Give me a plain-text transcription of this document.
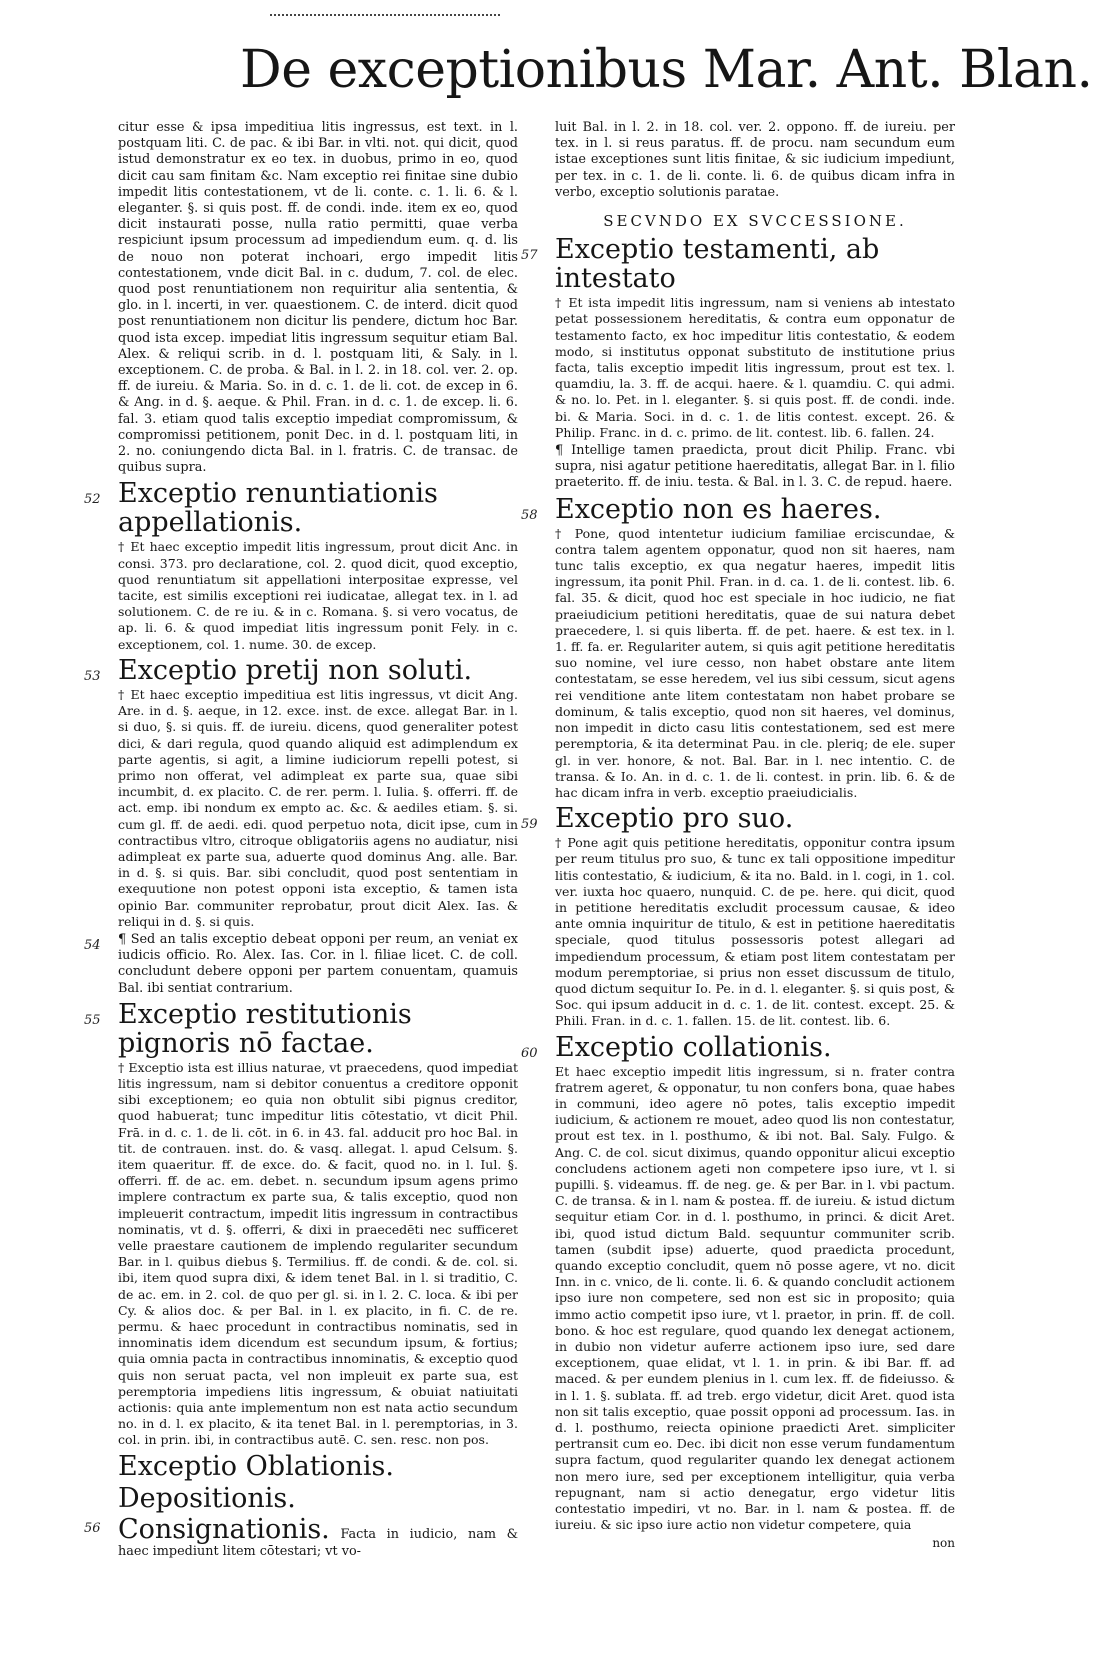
De exceptionibus Mar. Ant. Blan.

citur esse & ipsa impeditiua litis ingressus, est text. in l. postquam liti. C. de pac. & ibi Bar. in vlti. not. qui dicit, quod istud demonstratur ex eo tex. in duobus, primo in eo, quod dicit cau sam finitam &c. Nam exceptio rei finitae sine dubio impedit litis contestationem, vt de li. conte. c. 1. li. 6. & l. eleganter. §. si quis post. ff. de condi. inde. item ex eo, quod dicit instaurati posse, nulla ratio permitti, quae verba respiciunt ipsum processum ad impediendum eum. q. d. lis de nouo non poterat inchoari, ergo impedit litis contestationem, vnde dicit Bal. in c. dudum, 7. col. de elec. quod post renuntiationem non requiritur alia sententia, & glo. in l. incerti, in ver. quaestionem. C. de interd. dicit quod post renuntiationem non dicitur lis pendere, dictum hoc Bar. quod ista excep. impediat litis ingressum sequitur etiam Bal. Alex. & reliqui scrib. in d. l. postquam liti, & Saly. in l. exceptionem. C. de proba. & Bal. in l. 2. in 18. col. ver. 2. op. ff. de iureiu. & Maria. So. in d. c. 1. de li. cot. de excep in 6. & Ang. in d. §. aeque. & Phil. Fran. in d. c. 1. de excep. li. 6. fal. 3. etiam quod talis exceptio impediat compromissum, & compromissi petitionem, ponit Dec. in d. l. postquam liti, in 2. no. coniungendo dicta Bal. in l. fratris. C. de transac. de quibus supra.

52 Exceptio renuntiationis appellationis.

† Et haec exceptio impedit litis ingressum, prout dicit Anc. in consi. 373. pro declaratione, col. 2. quod dicit, quod exceptio, quod renuntiatum sit appellationi interpositae expresse, vel tacite, est similis exceptioni rei iudicatae, allegat tex. in l. ad solutionem. C. de re iu. & in c. Romana. §. si vero vocatus, de ap. li. 6. & quod impediat litis ingressum ponit Fely. in c. exceptionem, col. 1. nume. 30. de excep.

53 Exceptio pretij non soluti.

† Et haec exceptio impeditiua est litis ingressus, vt dicit Ang. Are. in d. §. aeque, in 12. exce. inst. de exce. allegat Bar. in l. si duo, §. si quis. ff. de iureiu. dicens, quod generaliter potest dici, & dari regula, quod quando aliquid est adimplendum ex parte agentis, si agit, a limine iudiciorum repelli potest, si primo non offerat, vel adimpleat ex parte sua, quae sibi incumbit, d. ex placito. C. de rer. perm. l. Iulia. §. offerri. ff. de act. emp. ibi nondum ex empto ac. &c. & aediles etiam. §. si. cum gl. ff. de aedi. edi. quod perpetuo nota, dicit ipse, cum in contractibus vltro, citroque obligatoriis agens no audiatur, nisi adimpleat ex parte sua, aduerte quod dominus Ang. alle. Bar. in d. §. si quis. Bar. sibi concludit, quod post sententiam in exequutione non potest opponi ista exceptio, & tamen ista opinio Bar. communiter reprobatur, prout dicit Alex. Ias. & reliqui in d. §. si quis.

54 ¶ Sed an talis exceptio debeat opponi per reum, an veniat ex iudicis officio. Ro. Alex. Ias. Cor. in l. filiae licet. C. de coll. concludunt debere opponi per partem conuentam, quamuis Bal. ibi sentiat contrarium.

55 Exceptio restitutionis pignoris nō factae.

† Exceptio ista est illius naturae, vt praecedens, quod impediat litis ingressum, nam si debitor conuentus a creditore opponit sibi exceptionem; eo quia non obtulit sibi pignus creditor, quod habuerat; tunc impeditur litis cōtestatio, vt dicit Phil. Frā. in d. c. 1. de li. cōt. in 6. in 43. fal. adducit pro hoc Bal. in tit. de contrauen. inst. do. & vasq. allegat. l. apud Celsum. §. item quaeritur. ff. de exce. do. & facit, quod no. in l. Iul. §. offerri. ff. de ac. em. debet. n. secundum ipsum agens primo implere contractum ex parte sua, & talis exceptio, quod non impleuerit contractum, impedit litis ingressum in contractibus nominatis, vt d. §. offerri, & dixi in praecedēti nec sufficeret velle praestare cautionem de implendo regulariter secundum Bar. in l. quibus diebus §. Termilius. ff. de condi. & de. col. si. ibi, item quod supra dixi, & idem tenet Bal. in l. si traditio, C. de ac. em. in 2. col. de quo per gl. si. in l. 2. C. loca. & ibi per Cy. & alios doc. & per Bal. in l. ex placito, in fi. C. de re. permu. & haec procedunt in contractibus nominatis, sed in innominatis idem dicendum est secundum ipsum, & fortius; quia omnia pacta in contractibus innominatis, & exceptio quod quis non seruat pacta, vel non impleuit ex parte sua, est peremptoria impediens litis ingressum, & obuiat natiuitati actionis: quia ante implementum non est nata actio secundum no. in d. l. ex placito, & ita tenet Bal. in l. peremptorias, in 3. col. in prin. ibi, in contractibus autē. C. sen. resc. non pos.

Exceptio Oblationis.
Depositionis.

56 Consignationis. Facta in iudicio, nam & haec impediunt litem cōtestari; vt vo-

luit Bal. in l. 2. in 18. col. ver. 2. oppono. ff. de iureiu. per tex. in l. si reus paratus. ff. de procu. nam secundum eum istae exceptiones sunt litis finitae, & sic iudicium impediunt, per tex. in c. 1. de li. conte. li. 6. de quibus dicam infra in verbo, exceptio solutionis paratae.

SECVNDO EX SVCCESSIONE.
57 Exceptio testamenti, ab intestato

† Et ista impedit litis ingressum, nam si veniens ab intestato petat possessionem hereditatis, & contra eum opponatur de testamento facto, ex hoc impeditur litis contestatio, & eodem modo, si institutus opponat substituto de institutione prius facta, talis exceptio impedit litis ingressum, prout est tex. l. quamdiu, la. 3. ff. de acqui. haere. & l. quamdiu. C. qui admi. & no. lo. Pet. in l. eleganter. §. si quis post. ff. de condi. inde. bi. & Maria. Soci. in d. c. 1. de litis contest. except. 26. & Philip. Franc. in d. c. primo. de lit. contest. lib. 6. fallen. 24.

¶ Intellige tamen praedicta, prout dicit Philip. Franc. vbi supra, nisi agatur petitione haereditatis, allegat Bar. in l. filio praeterito. ff. de iniu. testa. & Bal. in l. 3. C. de repud. haere.

58 Exceptio non es haeres.

† Pone, quod intentetur iudicium familiae erciscundae, & contra talem agentem opponatur, quod non sit haeres, nam tunc talis exceptio, ex qua negatur haeres, impedit litis ingressum, ita ponit Phil. Fran. in d. ca. 1. de li. contest. lib. 6. fal. 35. & dicit, quod hoc est speciale in hoc iudicio, ne fiat praeiudicium petitioni hereditatis, quae de sui natura debet praecedere, l. si quis liberta. ff. de pet. haere. & est tex. in l. 1. ff. fa. er. Regulariter autem, si quis agit petitione hereditatis suo nomine, vel iure cesso, non habet obstare ante litem contestatam, se esse heredem, vel ius sibi cessum, sicut agens rei venditione ante litem contestatam non habet probare se dominum, & talis exceptio, quod non sit haeres, vel dominus, non impedit in dicto casu litis contestationem, sed est mere peremptoria, & ita determinat Pau. in cle. pleriq; de ele. super gl. in ver. honore, & not. Bal. Bar. in l. nec intentio. C. de transa. & Io. An. in d. c. 1. de li. contest. in prin. lib. 6. & de hac dicam infra in verb. exceptio praeiudicialis.

59 Exceptio pro suo.

† Pone agit quis petitione hereditatis, opponitur contra ipsum per reum titulus pro suo, & tunc ex tali oppositione impeditur litis contestatio, & iudicium, & ita no. Bald. in l. cogi, in 1. col. ver. iuxta hoc quaero, nunquid. C. de pe. here. qui dicit, quod in petitione hereditatis excludit processum causae, & ideo ante omnia inquiritur de titulo, & est in petitione haereditatis speciale, quod titulus possessoris potest allegari ad impediendum processum, & etiam post litem contestatam per modum peremptoriae, si prius non esset discussum de titulo, quod dictum sequitur Io. Pe. in d. l. eleganter. §. si quis post, & Soc. qui ipsum adducit in d. c. 1. de lit. contest. except. 25. & Phili. Fran. in d. c. 1. fallen. 15. de lit. contest. lib. 6.

60 Exceptio collationis.

Et haec exceptio impedit litis ingressum, si n. frater contra fratrem ageret, & opponatur, tu non confers bona, quae habes in communi, ideo agere nō potes, talis exceptio impedit iudicium, & actionem re mouet, adeo quod lis non contestatur, prout est tex. in l. posthumo, & ibi not. Bal. Saly. Fulgo. & Ang. C. de col. sicut diximus, quando opponitur alicui exceptio concludens actionem ageti non competere ipso iure, vt l. si pupilli. §. videamus. ff. de neg. ge. & per Bar. in l. vbi pactum. C. de transa. & in l. nam & postea. ff. de iureiu. & istud dictum sequitur etiam Cor. in d. l. posthumo, in princi. & dicit Aret. ibi, quod istud dictum Bald. sequuntur communiter scrib. tamen (subdit ipse) aduerte, quod praedicta procedunt, quando exceptio concludit, quem nō posse agere, vt no. dicit Inn. in c. vnico, de li. conte. li. 6. & quando concludit actionem ipso iure non competere, sed non est sic in proposito; quia immo actio competit ipso iure, vt l. praetor, in prin. ff. de coll. bono. & hoc est regulare, quod quando lex denegat actionem, in dubio non videtur auferre actionem ipso iure, sed dare exceptionem, quae elidat, vt l. 1. in prin. & ibi Bar. ff. ad maced. & per eundem plenius in l. cum lex. ff. de fideiusso. & in l. 1. §. sublata. ff. ad treb. ergo videtur, dicit Aret. quod ista non sit talis exceptio, quae possit opponi ad processum. Ias. in d. l. posthumo, reiecta opinione praedicti Aret. simpliciter pertransit cum eo. Dec. ibi dicit non esse verum fundamentum supra factum, quod regulariter quando lex denegat actionem non mero iure, sed per exceptionem intelligitur, quia verba repugnant, nam si actio denegatur, ergo videtur litis contestatio impediri, vt no. Bar. in l. nam & postea. ff. de iureiu. & sic ipso iure actio non videtur competere, quia

non
